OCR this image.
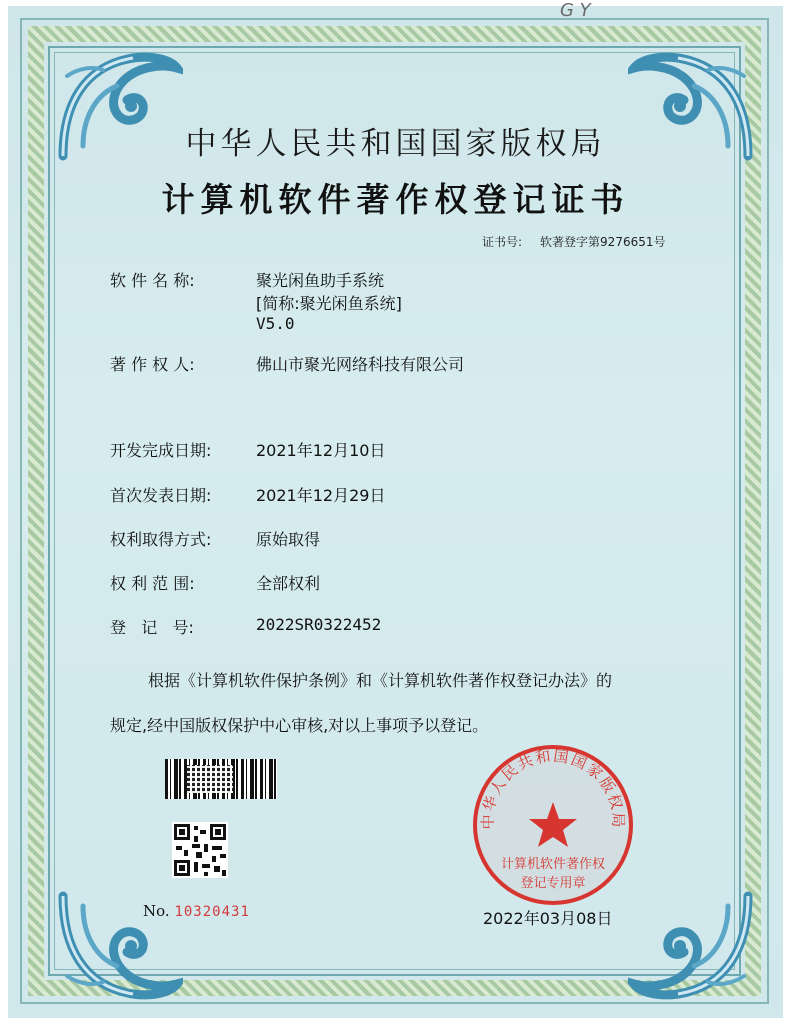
G Y
中华人民共和国国家版权局
计算机软件著作权登记证书
证书号: 软著登字第9276651号
软 件 名 称:	聚光闲鱼助手系统
[简称:聚光闲鱼系统]
V5.0
著 作 权 人:	佛山市聚光网络科技有限公司
开发完成日期:	2021年12月10日
首次发表日期:	2021年12月29日
权利取得方式:	原始取得
权 利 范 围:	全部权利
登   记   号:	2022SR0322452
根据《计算机软件保护条例》和《计算机软件著作权登记办法》的
规定,经中国版权保护中心审核,对以上事项予以登记。
No. 10320431
中华人民共和国国家版权局
计算机软件著作权
登记专用章
2022年03月08日
